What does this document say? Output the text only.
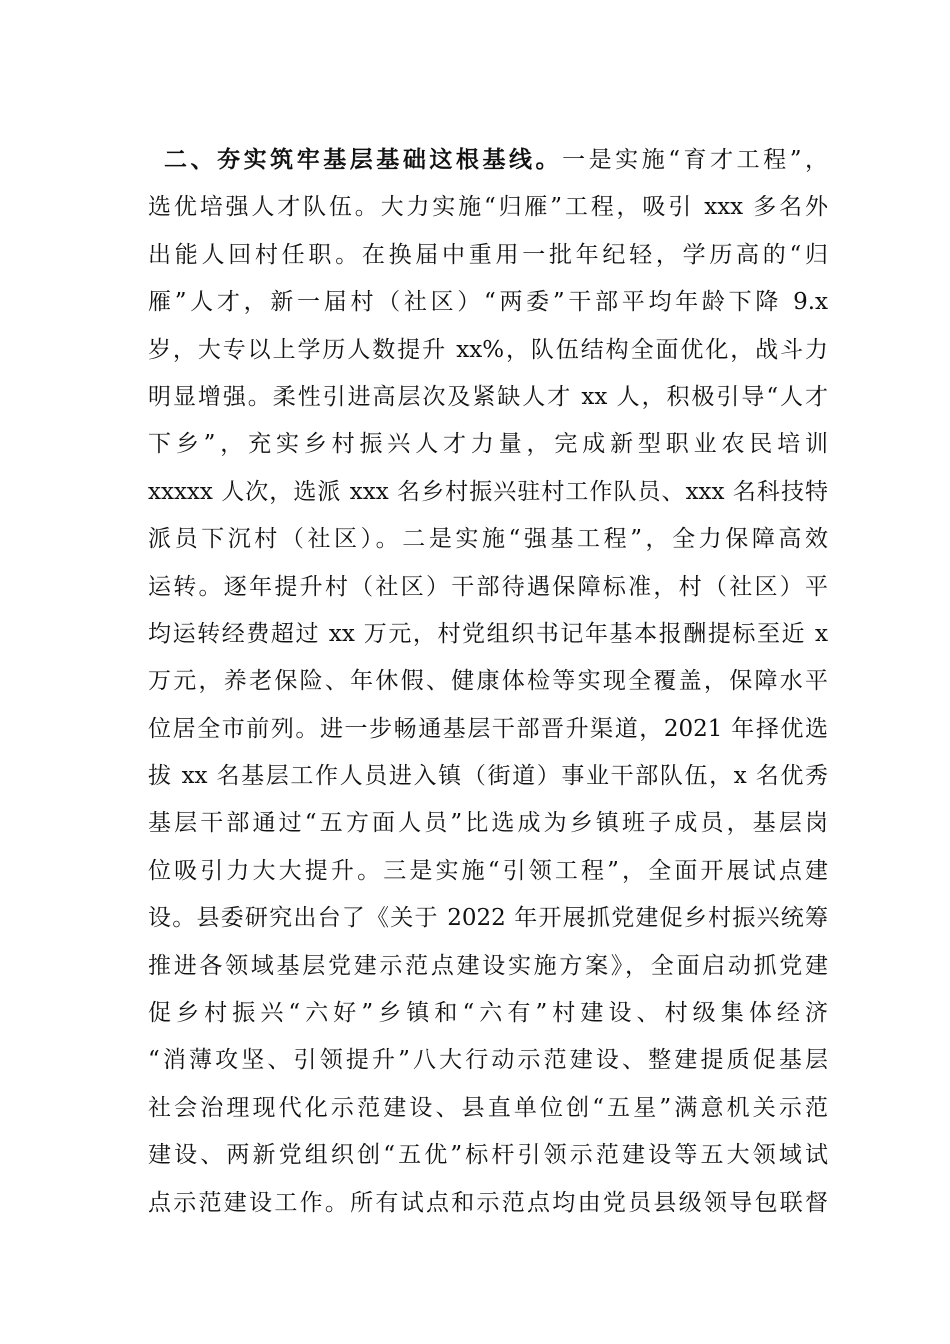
二、夯实筑牢基层基础这根基线。一是实施“育才工程”，
选优培强人才队伍。大力实施“归雁”工程，吸引 xxx 多名外
出能人回村任职。在换届中重用一批年纪轻，学历高的“归
雁”人才，新一届村（社区）“两委”干部平均年龄下降 9.x
岁，大专以上学历人数提升 xx%，队伍结构全面优化，战斗力
明显增强。柔性引进高层次及紧缺人才 xx 人，积极引导“人才
下乡”，充实乡村振兴人才力量，完成新型职业农民培训
xxxxx 人次，选派 xxx 名乡村振兴驻村工作队员、xxx 名科技特
派员下沉村（社区）。二是实施“强基工程”，全力保障高效
运转。逐年提升村（社区）干部待遇保障标准，村（社区）平
均运转经费超过 xx 万元，村党组织书记年基本报酬提标至近 x
万元，养老保险、年休假、健康体检等实现全覆盖，保障水平
位居全市前列。进一步畅通基层干部晋升渠道，2021 年择优选
拔 xx 名基层工作人员进入镇（街道）事业干部队伍，x 名优秀
基层干部通过“五方面人员”比选成为乡镇班子成员，基层岗
位吸引力大大提升。三是实施“引领工程”，全面开展试点建
设。县委研究出台了《关于 2022 年开展抓党建促乡村振兴统筹
推进各领域基层党建示范点建设实施方案》，全面启动抓党建
促乡村振兴“六好”乡镇和“六有”村建设、村级集体经济
“消薄攻坚、引领提升”八大行动示范建设、整建提质促基层
社会治理现代化示范建设、县直单位创“五星”满意机关示范
建设、两新党组织创“五优”标杆引领示范建设等五大领域试
点示范建设工作。所有试点和示范点均由党员县级领导包联督
